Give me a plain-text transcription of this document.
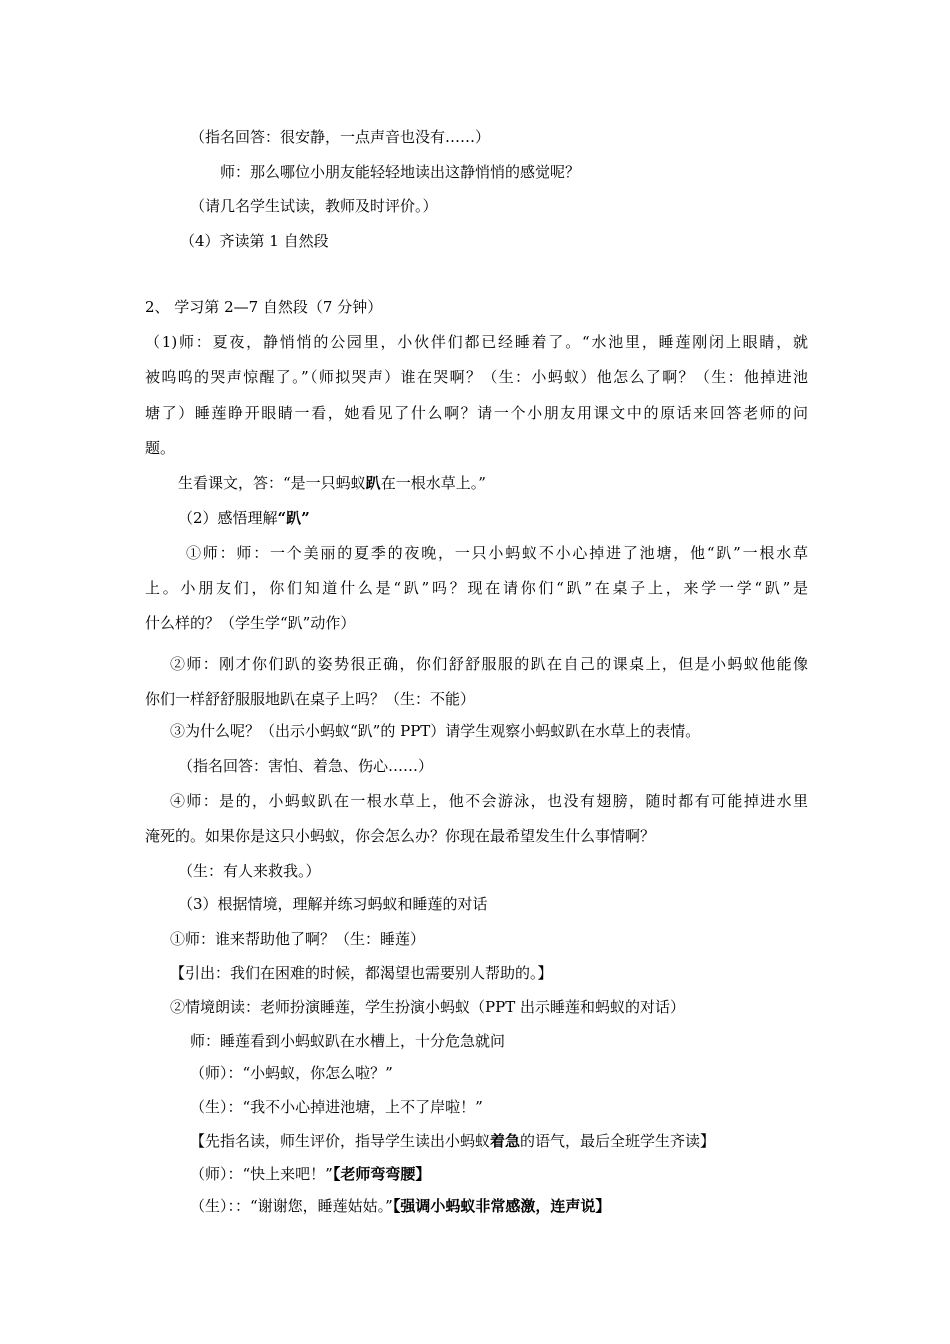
（指名回答：很安静，一点声音也没有……）
师：那么哪位小朋友能轻轻地读出这静悄悄的感觉呢？
（请几名学生试读，教师及时评价。）
（4）齐读第 1 自然段
2、 学习第 2—7 自然段（7 分钟）
（1)师：夏夜，静悄悄的公园里，小伙伴们都已经睡着了。“水池里，睡莲刚闭上眼睛，就
被呜呜的哭声惊醒了。”（师拟哭声）谁在哭啊？（生：小蚂蚁）他怎么了啊？（生：他掉进池
塘了）睡莲睁开眼睛一看，她看见了什么啊？请一个小朋友用课文中的原话来回答老师的问
题。
生看课文，答：“是一只蚂蚁趴在一根水草上。”
（2）感悟理解“趴”
①师：师：一个美丽的夏季的夜晚，一只小蚂蚁不小心掉进了池塘，他“趴”一根水草
上。小朋友们，你们知道什么是“趴”吗？现在请你们“趴”在桌子上，来学一学“趴”是
什么样的？（学生学“趴”动作）
②师：刚才你们趴的姿势很正确，你们舒舒服服的趴在自己的课桌上，但是小蚂蚁他能像
你们一样舒舒服服地趴在桌子上吗？（生：不能）
③为什么呢？（出示小蚂蚁“趴”的 PPT）请学生观察小蚂蚁趴在水草上的表情。
（指名回答：害怕、着急、伤心……）
④师：是的，小蚂蚁趴在一根水草上，他不会游泳，也没有翅膀，随时都有可能掉进水里
淹死的。如果你是这只小蚂蚁，你会怎么办？你现在最希望发生什么事情啊？
（生：有人来救我。）
（3）根据情境，理解并练习蚂蚁和睡莲的对话
①师：谁来帮助他了啊？（生：睡莲）
【引出：我们在困难的时候，都渴望也需要别人帮助的。】
②情境朗读：老师扮演睡莲，学生扮演小蚂蚁（PPT 出示睡莲和蚂蚁的对话）
师：睡莲看到小蚂蚁趴在水槽上，十分危急就问
（师）：“小蚂蚁，你怎么啦？”
（生）：“我不小心掉进池塘，上不了岸啦！”
【先指名读，师生评价，指导学生读出小蚂蚁着急的语气，最后全班学生齐读】
（师）：“快上来吧！”【老师弯弯腰】
（生）：：“谢谢您，睡莲姑姑。”【强调小蚂蚁非常感激，连声说】
